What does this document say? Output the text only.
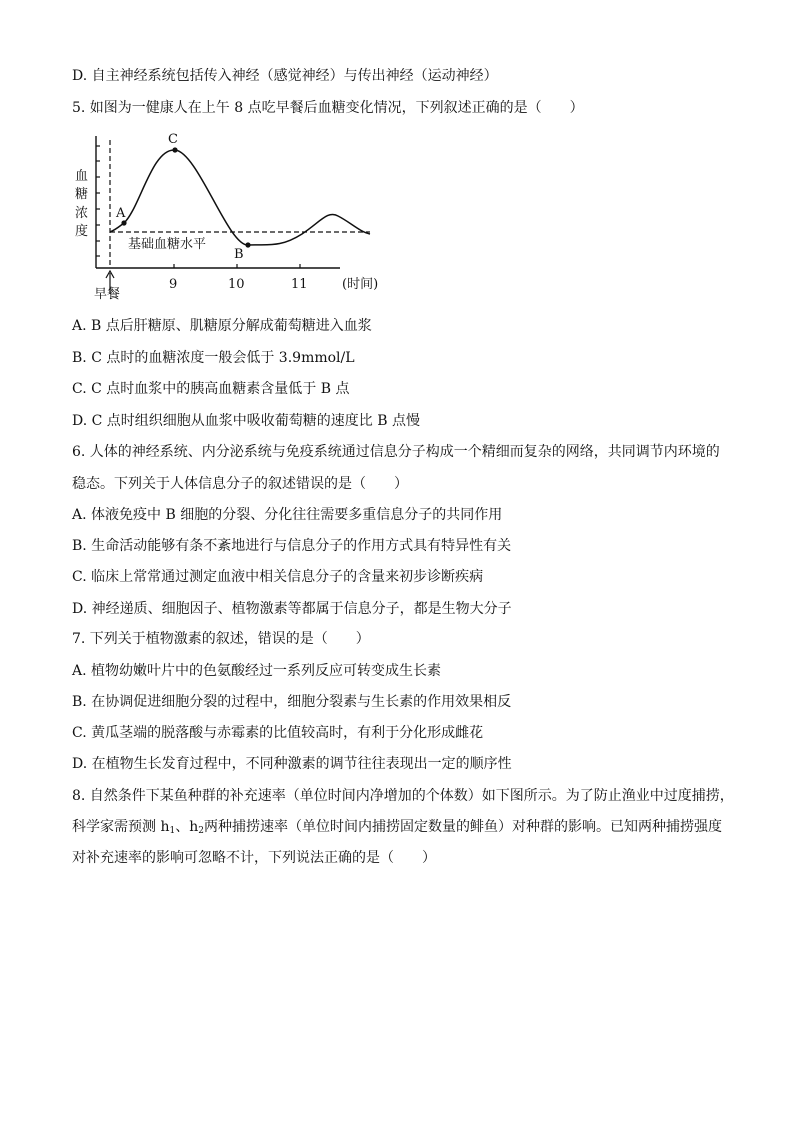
D. 自主神经系统包括传入神经（感觉神经）与传出神经（运动神经）
5. 如图为一健康人在上午 8 点吃早餐后血糖变化情况，下列叙述正确的是（　　）
A
C
B
基础血糖水平
血
糖
浓
度
9	10	11	(时间)
早餐
A. B 点后肝糖原、肌糖原分解成葡萄糖进入血浆
B. C 点时的血糖浓度一般会低于 3.9mmol/L
C. C 点时血浆中的胰高血糖素含量低于 B 点
D. C 点时组织细胞从血浆中吸收葡萄糖的速度比 B 点慢
6. 人体的神经系统、内分泌系统与免疫系统通过信息分子构成一个精细而复杂的网络，共同调节内环境的
稳态。下列关于人体信息分子的叙述错误的是（　　）
A. 体液免疫中 B 细胞的分裂、分化往往需要多重信息分子的共同作用
B. 生命活动能够有条不紊地进行与信息分子的作用方式具有特异性有关
C. 临床上常常通过测定血液中相关信息分子的含量来初步诊断疾病
D. 神经递质、细胞因子、植物激素等都属于信息分子，都是生物大分子
7. 下列关于植物激素的叙述，错误的是（　　）
A. 植物幼嫩叶片中的色氨酸经过一系列反应可转变成生长素
B. 在协调促进细胞分裂的过程中，细胞分裂素与生长素的作用效果相反
C. 黄瓜茎端的脱落酸与赤霉素的比值较高时，有利于分化形成雌花
D. 在植物生长发育过程中，不同种激素的调节往往表现出一定的顺序性
8. 自然条件下某鱼种群的补充速率（单位时间内净增加的个体数）如下图所示。为了防止渔业中过度捕捞，
科学家需预测 $h_1$、$h_2$两种捕捞速率（单位时间内捕捞固定数量的鲱鱼）对种群的影响。已知两种捕捞强度
对补充速率的影响可忽略不计，下列说法正确的是（　　）
